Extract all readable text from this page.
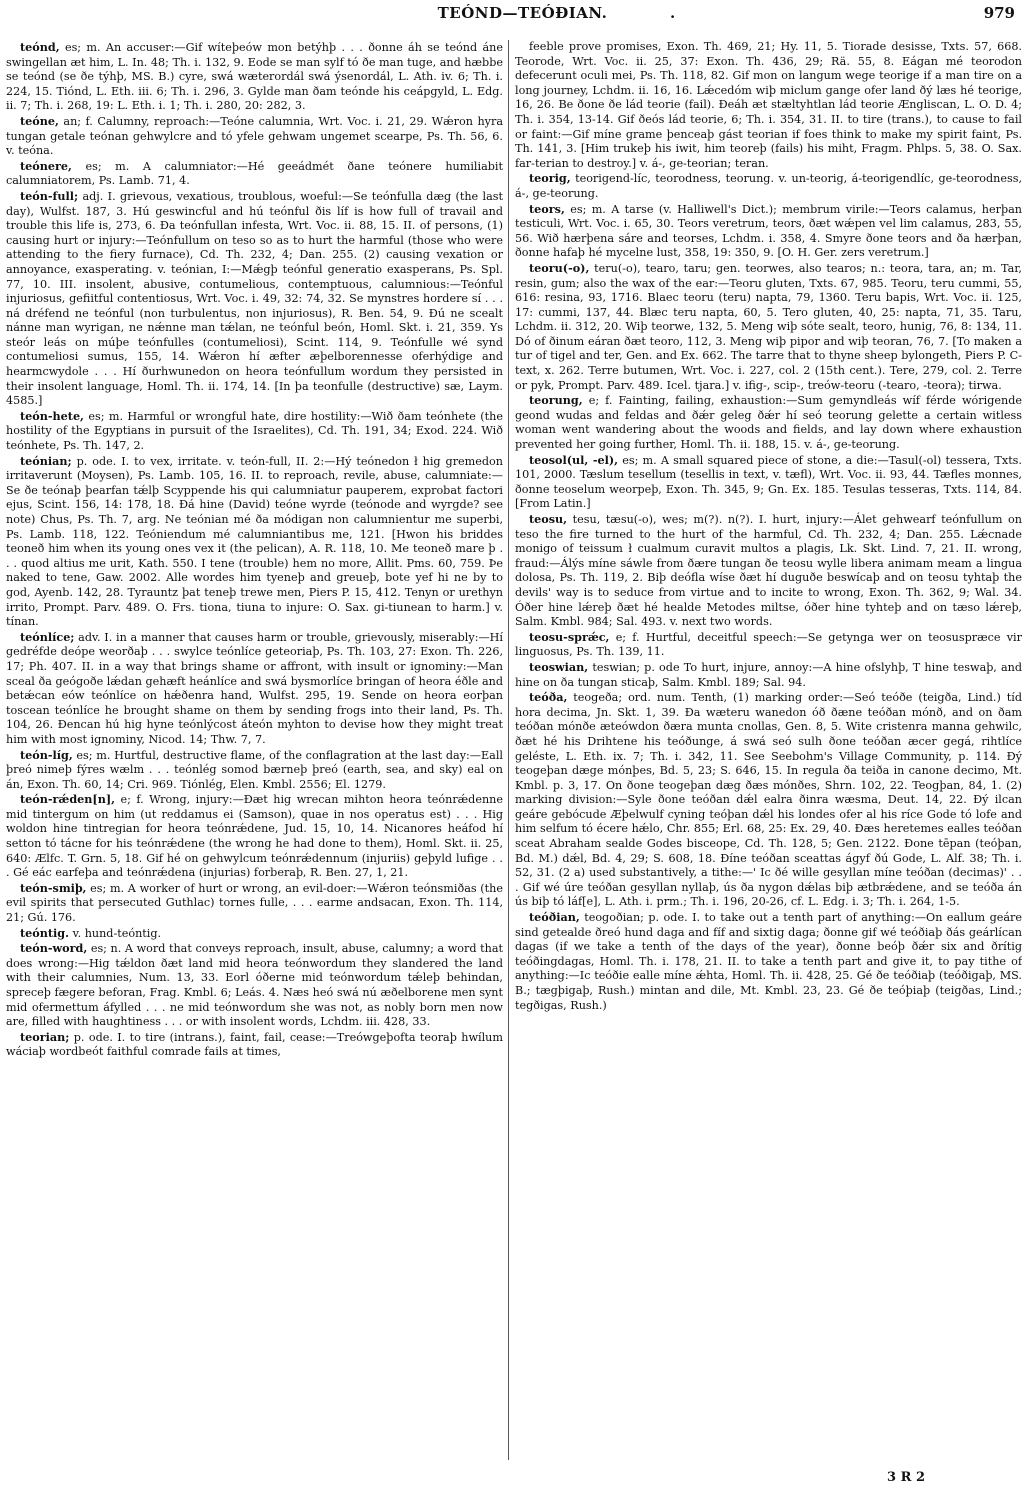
TEÓND—TEÓÐIAN.	.	979

teónd, es; m. An accuser:—Gif wíteþeów mon betýhþ . . . ðonne áh se teónd áne swingellan æt him, L. In. 48; Th. i. 132, 9. Eode se man sylf tó ðe man tuge, and hæbbe se teónd (se ðe týhþ, MS. B.) cyre, swá wæterordál swá ýsenordál, L. Ath. iv. 6; Th. i. 224, 15. Tiónd, L. Eth. iii. 6; Th. i. 296, 3. Gylde man ðam teónde his ceápgyld, L. Edg. ii. 7; Th. i. 268, 19: L. Eth. i. 1; Th. i. 280, 20: 282, 3.

teóne, an; f. Calumny, reproach:—Teóne calumnia, Wrt. Voc. i. 21, 29. Wǽron hyra tungan getale teónan gehwylcre and tó yfele gehwam ungemet scearpe, Ps. Th. 56, 6. v. teóna.

teónere, es; m. A calumniator:—Hé geeádmét ðane teónere humiliabit calumniatorem, Ps. Lamb. 71, 4.

teón-full; adj. I. grievous, vexatious, troublous, woeful:—Se teónfulla dæg (the last day), Wulfst. 187, 3. Hú geswincful and hú teónful ðis líf is how full of travail and trouble this life is, 273, 6. Ða teónfullan infesta, Wrt. Voc. ii. 88, 15. II. of persons, (1) causing hurt or injury:—Teónfullum on teso so as to hurt the harmful (those who were attending to the fiery furnace), Cd. Th. 232, 4; Dan. 255. (2) causing vexation or annoyance, exasperating. v. teónian, I:—Mǽgþ teónful generatio exasperans, Ps. Spl. 77, 10. III. insolent, abusive, contumelious, contemptuous, calumnious:—Teónful injuriosus, gefiitful contentiosus, Wrt. Voc. i. 49, 32: 74, 32. Se mynstres hordere sí . . . ná dréfend ne teónful (non turbulentus, non injuriosus), R. Ben. 54, 9. Ðú ne scealt nánne man wyrigan, ne nǽnne man tǽlan, ne teónful beón, Homl. Skt. i. 21, 359. Ys steór leás on múþe teónfulles (contumeliosi), Scint. 114, 9. Teónfulle wé synd contumeliosi sumus, 155, 14. Wǽron hí æfter æþelborennesse oferhýdige and hearmcwydole . . . Hí ðurhwunedon on heora teónfullum wordum they persisted in their insolent language, Homl. Th. ii. 174, 14. [In þa teonfulle (destructive) sæ, Laym. 4585.]

teón-hete, es; m. Harmful or wrongful hate, dire hostility:—Wið ðam teónhete (the hostility of the Egyptians in pursuit of the Israelites), Cd. Th. 191, 34; Exod. 224. Wið teónhete, Ps. Th. 147, 2.

teónian; p. ode. I. to vex, irritate. v. teón-full, II. 2:—Hý teónedon ł hig gremedon irritaverunt (Moysen), Ps. Lamb. 105, 16. II. to reproach, revile, abuse, calumniate:—Se ðe teónaþ þearfan tǽlþ Scyppende his qui calumniatur pauperem, exprobat factori ejus, Scint. 156, 14: 178, 18. Ðá hine (David) teóne wyrde (teónode and wyrgde? see note) Chus, Ps. Th. 7, arg. Ne teónian mé ða módigan non calumnientur me superbi, Ps. Lamb. 118, 122. Teóniendum mé calumniantibus me, 121. [Hwon his briddes teoneð him when its young ones vex it (the pelican), A. R. 118, 10. Me teoneð mare þ . . . quod altius me urit, Kath. 550. I tene (trouble) hem no more, Allit. Pms. 60, 759. Þe naked to tene, Gaw. 2002. Alle wordes him tyeneþ and greueþ, bote yef hi ne by to god, Ayenb. 142, 28. Tyrauntz þat teneþ trewe men, Piers P. 15, 412. Tenyn or urethyn irrito, Prompt. Parv. 489. O. Frs. tiona, tiuna to injure: O. Sax. gi-tiunean to harm.] v. tínan.

teónlíce; adv. I. in a manner that causes harm or trouble, grievously, miserably:—Hí gedréfde deópe weorðaþ . . . swylce teónlíce geteoriaþ, Ps. Th. 103, 27: Exon. Th. 226, 17; Ph. 407. II. in a way that brings shame or affront, with insult or ignominy:—Man sceal ða geógoðe lǽdan gehæft heánlíce and swá bysmorlíce bringan of heora éðle and betǽcan eów teónlíce on hǽðenra hand, Wulfst. 295, 19. Sende on heora eorþan toscean teónlíce he brought shame on them by sending frogs into their land, Ps. Th. 104, 26. Ðencan hú hig hyne teónlýcost áteón myhton to devise how they might treat him with most ignominy, Nicod. 14; Thw. 7, 7.

teón-líg, es; m. Hurtful, destructive flame, of the conflagration at the last day:—Eall þreó nimeþ fýres wælm . . . teónlég somod bærneþ þreó (earth, sea, and sky) eal on án, Exon. Th. 60, 14; Cri. 969. Tiónlég, Elen. Kmbl. 2556; El. 1279.

teón-rǽden[n], e; f. Wrong, injury:—Ðæt hig wrecan mihton heora teónrǽdenne mid tintergum on him (ut reddamus ei (Samson), quae in nos operatus est) . . . Hig woldon hine tintregian for heora teónrǽdene, Jud. 15, 10, 14. Nicanores heáfod hí setton tó tácne for his teónrǽdene (the wrong he had done to them), Homl. Skt. ii. 25, 640: Ælfc. T. Grn. 5, 18. Gif hé on gehwylcum teónrǽdennum (injuriis) geþyld lufige . . . Gé eác earfeþa and teónrǽdena (injurias) forberaþ, R. Ben. 27, 1, 21.

teón-smiþ, es; m. A worker of hurt or wrong, an evil-doer:—Wǽron teónsmiðas (the evil spirits that persecuted Guthlac) tornes fulle, . . . earme andsacan, Exon. Th. 114, 21; Gú. 176.

teóntig. v. hund-teóntig.

teón-word, es; n. A word that conveys reproach, insult, abuse, calumny; a word that does wrong:—Hig tǽldon ðæt land mid heora teónwordum they slandered the land with their calumnies, Num. 13, 33. Eorl óðerne mid teónwordum tǽleþ behindan, spreceþ fægere beforan, Frag. Kmbl. 6; Leás. 4. Næs heó swá nú æðelborene men synt mid ofermettum áfylled . . . ne mid teónwordum she was not, as nobly born men now are, filled with haughtiness . . . or with insolent words, Lchdm. iii. 428, 33.

teorian; p. ode. I. to tire (intrans.), faint, fail, cease:—Treówgeþofta teoraþ hwílum wáciaþ wordbeót faithful comrade fails at times,

feeble prove promises, Exon. Th. 469, 21; Hy. 11, 5. Tiorade desisse, Txts. 57, 668. Teorode, Wrt. Voc. ii. 25, 37: Exon. Th. 436, 29; Rä. 55, 8. Eágan mé teorodon defecerunt oculi mei, Ps. Th. 118, 82. Gif mon on langum wege teorige if a man tire on a long journey, Lchdm. ii. 16, 16. Lǽcedóm wiþ miclum gange ofer land ðý læs hé teorige, 16, 26. Be ðone ðe lád teorie (fail). Ðeáh æt stæltyhtlan lád teorie Ængliscan, L. O. D. 4; Th. i. 354, 13-14. Gif ðeós lád teorie, 6; Th. i. 354, 31. II. to tire (trans.), to cause to fail or faint:—Gif míne grame þenceaþ gást teorian if foes think to make my spirit faint, Ps. Th. 141, 3. [Him trukeþ his iwit, him teoreþ (fails) his miht, Fragm. Phlps. 5, 38. O. Sax. far-terian to destroy.] v. á-, ge-teorian; teran.

teorig, teorigend-líc, teorodness, teorung. v. un-teorig, á-teorigendlíc, ge-teorodness, á-, ge-teorung.

teors, es; m. A tarse (v. Halliwell's Dict.); membrum virile:—Teors calamus, herþan testiculi, Wrt. Voc. i. 65, 30. Teors veretrum, teors, ðæt wǽpen vel lim calamus, 283, 55, 56. Wið hærþena sáre and teorses, Lchdm. i. 358, 4. Smyre ðone teors and ða hærþan, ðonne hafaþ hé mycelne lust, 358, 19: 350, 9. [O. H. Ger. zers veretrum.]

teoru(-o), teru(-o), tearo, taru; gen. teorwes, also tearos; n.: teora, tara, an; m. Tar, resin, gum; also the wax of the ear:—Teoru gluten, Txts. 67, 985. Teoru, teru cummi, 55, 616: resina, 93, 1716. Blaec teoru (teru) napta, 79, 1360. Teru bapis, Wrt. Voc. ii. 125, 17: cummi, 137, 44. Blæc teru napta, 60, 5. Tero gluten, 40, 25: napta, 71, 35. Taru, Lchdm. ii. 312, 20. Wiþ teorwe, 132, 5. Meng wiþ sóte sealt, teoro, hunig, 76, 8: 134, 11. Dó of ðinum eáran ðæt teoro, 112, 3. Meng wiþ pipor and wiþ teoran, 76, 7. [To maken a tur of tigel and ter, Gen. and Ex. 662. The tarre that to thyne sheep bylongeth, Piers P. C-text, x. 262. Terre butumen, Wrt. Voc. i. 227, col. 2 (15th cent.). Tere, 279, col. 2. Terre or pyk, Prompt. Parv. 489. Icel. tjara.] v. ifig-, scip-, treów-teoru (-tearo, -teora); tirwa.

teorung, e; f. Fainting, failing, exhaustion:—Sum gemyndleás wíf férde wórigende geond wudas and feldas and ðǽr geleg ðǽr hí seó teorung gelette a certain witless woman went wandering about the woods and fields, and lay down where exhaustion prevented her going further, Homl. Th. ii. 188, 15. v. á-, ge-teorung.

teosol(ul, -el), es; m. A small squared piece of stone, a die:—Tasul(-ol) tessera, Txts. 101, 2000. Tæslum tesellum (tesellis in text, v. tæfl), Wrt. Voc. ii. 93, 44. Tæfles monnes, ðonne teoselum weorpeþ, Exon. Th. 345, 9; Gn. Ex. 185. Tesulas tesseras, Txts. 114, 84. [From Latin.]

teosu, tesu, tæsu(-o), wes; m(?). n(?). I. hurt, injury:—Álet gehwearf teónfullum on teso the fire turned to the hurt of the harmful, Cd. Th. 232, 4; Dan. 255. Lǽcnade monigo of teissum ł cualmum curavit multos a plagis, Lk. Skt. Lind. 7, 21. II. wrong, fraud:—Álýs míne sáwle from ðære tungan ðe teosu wylle libera animam meam a lingua dolosa, Ps. Th. 119, 2. Biþ deófla wíse ðæt hí duguðe beswícaþ and on teosu tyhtaþ the devils' way is to seduce from virtue and to incite to wrong, Exon. Th. 362, 9; Wal. 34. Óðer hine lǽreþ ðæt hé healde Metodes miltse, óðer hine tyhteþ and on tæso lǽreþ, Salm. Kmbl. 984; Sal. 493. v. next two words.

teosu-sprǽc, e; f. Hurtful, deceitful speech:—Se getynga wer on teosuspræce vir linguosus, Ps. Th. 139, 11.

teoswian, teswian; p. ode To hurt, injure, annoy:—A hine ofslyhþ, T hine teswaþ, and hine on ða tungan sticaþ, Salm. Kmbl. 189; Sal. 94.

teóða, teogeða; ord. num. Tenth, (1) marking order:—Seó teóðe (teigða, Lind.) tíd hora decima, Jn. Skt. 1, 39. Ða wæteru wanedon óð ðæne teóðan mónð, and on ðam teóðan mónðe æteówdon ðæra munta cnollas, Gen. 8, 5. Wite cristenra manna gehwilc, ðæt hé his Drihtene his teóðunge, á swá seó sulh ðone teóðan æcer gegá, rihtlíce geléste, L. Eth. ix. 7; Th. i. 342, 11. See Seebohm's Village Community, p. 114. Ðý teogeþan dæge mónþes, Bd. 5, 23; S. 646, 15. In regula ða teiða in canone decimo, Mt. Kmbl. p. 3, 17. On ðone teogeþan dæg ðæs mónðes, Shrn. 102, 22. Teogþan, 84, 1. (2) marking division:—Syle ðone teóðan dǽl ealra ðinra wæsma, Deut. 14, 22. Ðý ilcan geáre gebócude Æþelwulf cyning teóþan dǽl his londes ofer al his ríce Gode tó lofe and him selfum tó écere hǽlo, Chr. 855; Erl. 68, 25: Ex. 29, 40. Ðæs heretemes ealles teóðan sceat Abraham sealde Godes bisceope, Cd. Th. 128, 5; Gen. 2122. Ðone tēpan (teóþan, Bd. M.) dǽl, Bd. 4, 29; S. 608, 18. Ðíne teóðan sceattas ágyf ðú Gode, L. Alf. 38; Th. i. 52, 31. (2 a) used substantively, a tithe:—' Ic ðé wille gesyllan míne teóðan (decimas)' . . . Gif wé úre teóðan gesyllan nyllaþ, ús ða nygon dǽlas biþ ætbrǽdene, and se teóða án ús biþ tó láf[e], L. Ath. i. prm.; Th. i. 196, 20-26, cf. L. Edg. i. 3; Th. i. 264, 1-5.

teóðian, teogoðian; p. ode. I. to take out a tenth part of anything:—On eallum geáre sind getealde ðreó hund daga and fíf and sixtig daga; ðonne gif wé teóðiaþ ðás geárlícan dagas (if we take a tenth of the days of the year), ðonne beóþ ðǽr six and ðrítig teóðingdagas, Homl. Th. i. 178, 21. II. to take a tenth part and give it, to pay tithe of anything:—Ic teóðie ealle míne ǽhta, Homl. Th. ii. 428, 25. Gé ðe teóðiaþ (teóðigaþ, MS. B.; tægþigaþ, Rush.) mintan and dile, Mt. Kmbl. 23, 23. Gé ðe teóþiaþ (teigðas, Lind.; tegðigas, Rush.)

3 R 2
